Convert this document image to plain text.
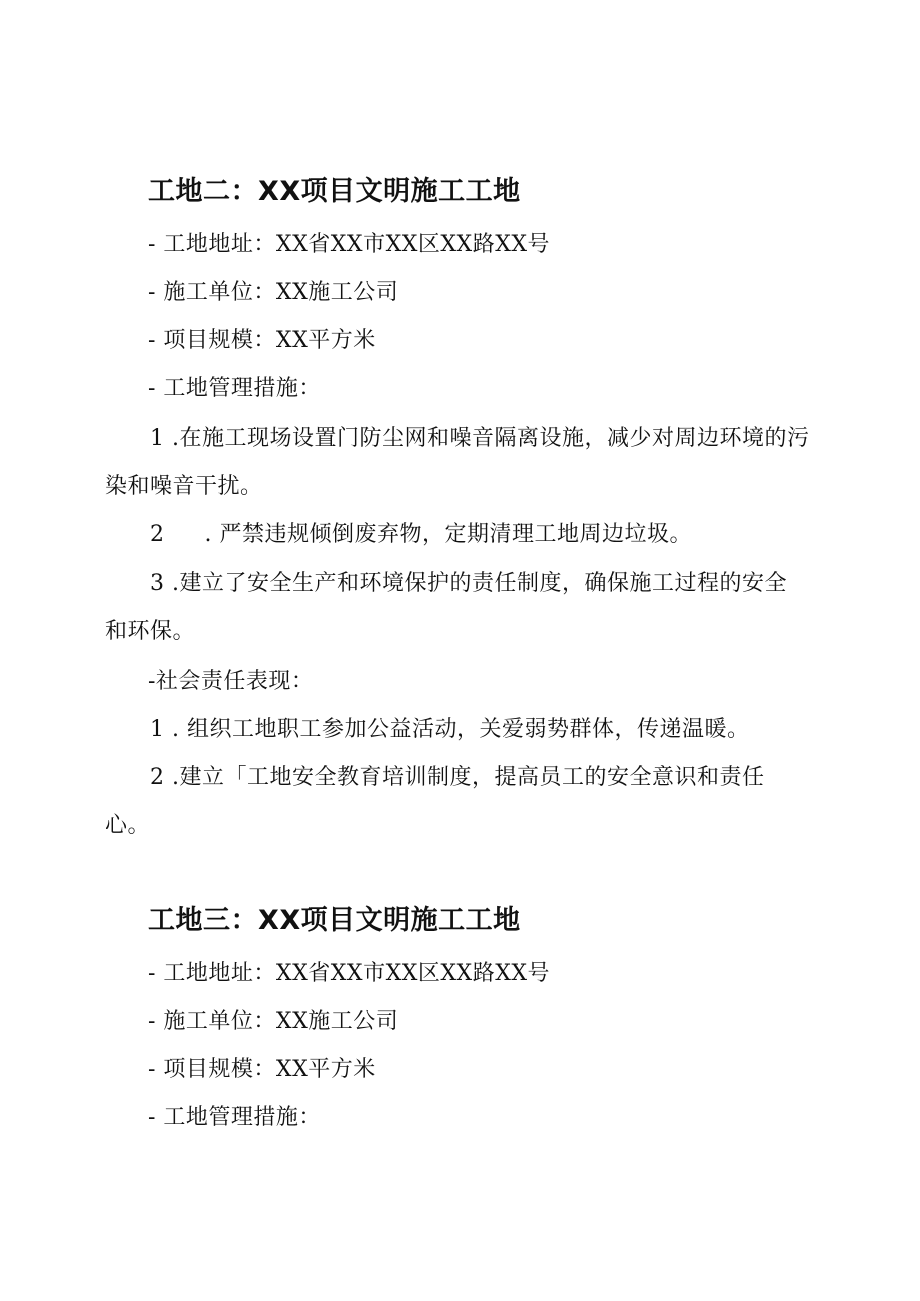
工地二：XX项目文明施工工地
- 工地地址：XX省XX市XX区XX路XX号
- 施工单位：XX施工公司
- 项目规模：XX平方米
- 工地管理措施：
1 .在施工现场设置门防尘网和噪音隔离设施，减少对周边环境的污
染和噪音干扰。
2 . 严禁违规倾倒废弃物，定期清理工地周边垃圾。
3 .建立了安全生产和环境保护的责任制度，确保施工过程的安全
和环保。
-社会责任表现：
1 . 组织工地职工参加公益活动，关爱弱势群体，传递温暖。
2 .建立「工地安全教育培训制度，提高员工的安全意识和责任
心。
工地三：XX项目文明施工工地
- 工地地址：XX省XX市XX区XX路XX号
- 施工单位：XX施工公司
- 项目规模：XX平方米
- 工地管理措施：
